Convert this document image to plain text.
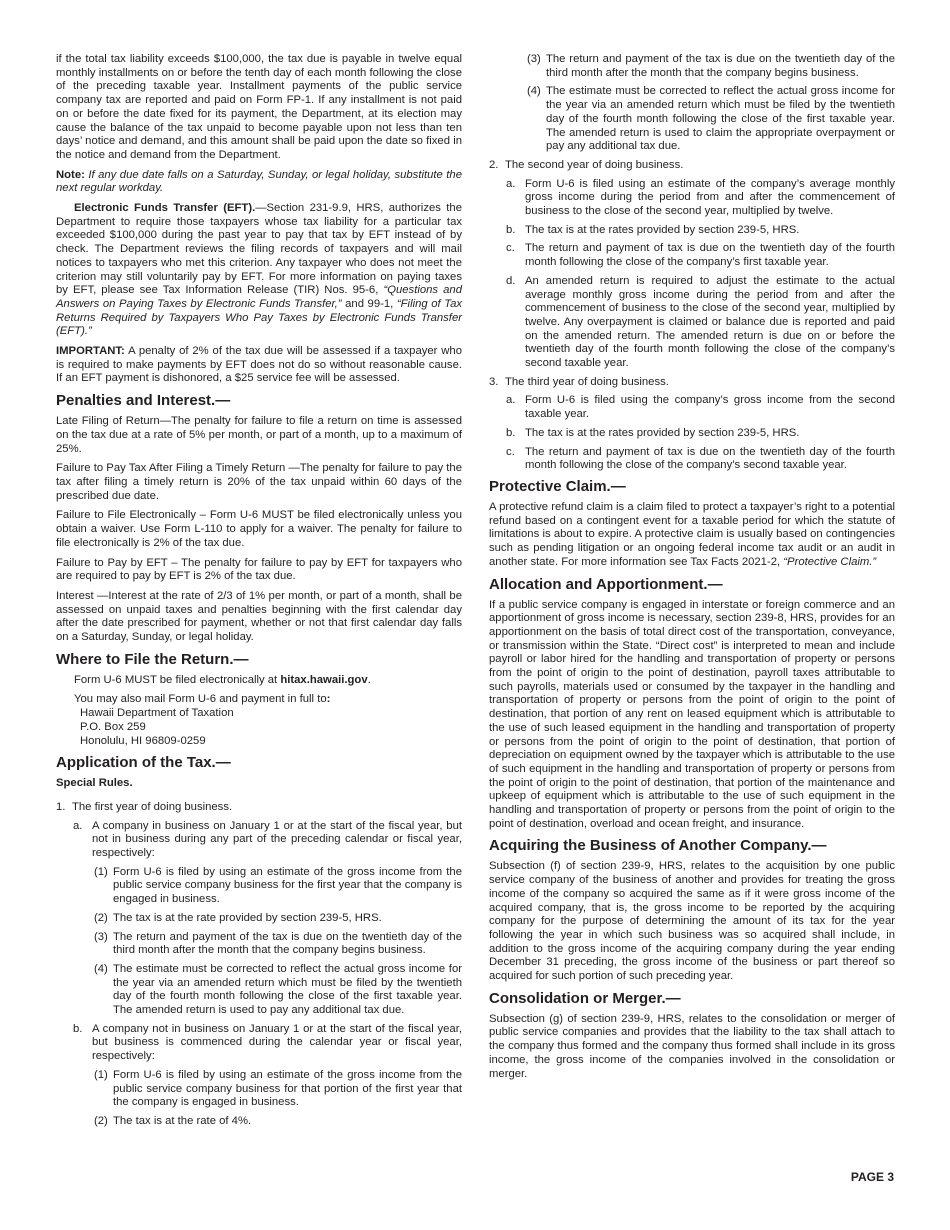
if the total tax liability exceeds $100,000, the tax due is payable in twelve equal monthly installments on or before the tenth day of each month following the close of the preceding taxable year. Installment payments of the public service company tax are reported and paid on Form FP-1. If any installment is not paid on or before the date fixed for its payment, the Department, at its election may cause the balance of the tax unpaid to become payable upon not less than ten days’ notice and demand, and this amount shall be paid upon the date so fixed in the notice and demand from the Department.

Note: If any due date falls on a Saturday, Sunday, or legal holiday, substitute the next regular workday.

Electronic Funds Transfer (EFT).—Section 231-9.9, HRS, authorizes the Department to require those taxpayers whose tax liability for a particular tax exceeded $100,000 during the past year to pay that tax by EFT instead of by check. The Department reviews the filing records of taxpayers and will mail notices to taxpayers who met this criterion. Any taxpayer who does not meet the criterion may still voluntarily pay by EFT. For more information on paying taxes by EFT, please see Tax Information Release (TIR) Nos. 95-6, “Questions and Answers on Paying Taxes by Electronic Funds Transfer,” and 99-1, “Filing of Tax Returns Required by Taxpayers Who Pay Taxes by Electronic Funds Transfer (EFT).”

IMPORTANT: A penalty of 2% of the tax due will be assessed if a taxpayer who is required to make payments by EFT does not do so without reasonable cause. If an EFT payment is dishonored, a $25 service fee will be assessed.

Penalties and Interest.—

Late Filing of Return—The penalty for failure to file a return on time is assessed on the tax due at a rate of 5% per month, or part of a month, up to a maximum of 25%.

Failure to Pay Tax After Filing a Timely Return —The penalty for failure to pay the tax after filing a timely return is 20% of the tax unpaid within 60 days of the prescribed due date.

Failure to File Electronically – Form U-6 MUST be filed electronically unless you obtain a waiver. Use Form L-110 to apply for a waiver. The penalty for failure to file electronically is 2% of the tax due.

Failure to Pay by EFT – The penalty for failure to pay by EFT for taxpayers who are required to pay by EFT is 2% of the tax due.

Interest —Interest at the rate of 2/3 of 1% per month, or part of a month, shall be assessed on unpaid taxes and penalties beginning with the first calendar day after the date prescribed for payment, whether or not that first calendar day falls on a Saturday, Sunday, or legal holiday.

Where to File the Return.—

Form U-6 MUST be filed electronically at hitax.hawaii.gov.

You may also mail Form U-6 and payment in full to:

Hawaii Department of Taxation
P.O. Box 259
Honolulu, HI 96809-0259
Application of the Tax.—

Special Rules.

1. The first year of doing business.
a. A company in business on January 1 or at the start of the fiscal year, but not in business during any part of the preceding calendar or fiscal year, respectively:
(1) Form U-6 is filed by using an estimate of the gross income from the public service company business for the first year that the company is engaged in business.
(2) The tax is at the rate provided by section 239-5, HRS.
(3) The return and payment of the tax is due on the twentieth day of the third month after the month that the company begins business.
(4) The estimate must be corrected to reflect the actual gross income for the year via an amended return which must be filed by the twentieth day of the fourth month following the close of the first taxable year. The amended return is used to pay any additional tax due.
b. A company not in business on January 1 or at the start of the fiscal year, but business is commenced during the calendar year or fiscal year, respectively:
(1) Form U-6 is filed by using an estimate of the gross income from the public service company business for that portion of the first year that the company is engaged in business.
(2) The tax is at the rate of 4%.
(3) The return and payment of the tax is due on the twentieth day of the third month after the month that the company begins business.
(4) The estimate must be corrected to reflect the actual gross income for the year via an amended return which must be filed by the twentieth day of the fourth month following the close of the first taxable year. The amended return is used to claim the appropriate overpayment or pay any additional tax due.
2. The second year of doing business.
a. Form U-6 is filed using an estimate of the company’s average monthly gross income during the period from and after the commencement of business to the close of the second year, multiplied by twelve.
b. The tax is at the rates provided by section 239-5, HRS.
c. The return and payment of tax is due on the twentieth day of the fourth month following the close of the company’s first taxable year.
d. An amended return is required to adjust the estimate to the actual average monthly gross income during the period from and after the commencement of business to the close of the second year, multiplied by twelve. Any overpayment is claimed or balance due is reported and paid on the amended return. The amended return is due on or before the twentieth day of the fourth month following the close of the company’s second taxable year.
3. The third year of doing business.
a. Form U-6 is filed using the company’s gross income from the second taxable year.
b. The tax is at the rates provided by section 239-5, HRS.
c. The return and payment of tax is due on the twentieth day of the fourth month following the close of the company’s second taxable year.
Protective Claim.—

A protective refund claim is a claim filed to protect a taxpayer’s right to a potential refund based on a contingent event for a taxable period for which the statute of limitations is about to expire. A protective claim is usually based on contingencies such as pending litigation or an ongoing federal income tax audit or an audit in another state. For more information see Tax Facts 2021-2, “Protective Claim.”

Allocation and Apportionment.—

If a public service company is engaged in interstate or foreign commerce and an apportionment of gross income is necessary, section 239-8, HRS, provides for an apportionment on the basis of total direct cost of the transportation, conveyance, or transmission within the State. “Direct cost” is interpreted to mean and include payroll or labor hired for the handling and transportation of property or persons from the point of origin to the point of destination, payroll taxes attributable to such payrolls, materials used or consumed by the taxpayer in the handling and transportation of property or persons from the point of origin to the point of destination, that portion of any rent on leased equipment which is attributable to the use of such leased equipment in the handling and transportation of property or persons from the point of origin to the point of destination, that portion of depreciation on equipment owned by the taxpayer which is attributable to the use of such equipment in the handling and transportation of property or persons from the point of origin to the point of destination, that portion of the maintenance and upkeep of equipment which is attributable to the use of such equipment in the handling and transportation of property or persons from the point of origin to the point of destination, overload and ocean freight, and insurance.

Acquiring the Business of Another Company.—

Subsection (f) of section 239-9, HRS, relates to the acquisition by one public service company of the business of another and provides for treating the gross income of the company so acquired the same as if it were gross income of the acquired company, that is, the gross income to be reported by the acquiring company for the purpose of determining the amount of its tax for the year following the year in which such business was so acquired shall include, in addition to the gross income of the acquiring company during the year ending December 31 preceding, the gross income of the business or part thereof so acquired for such portion of such preceding year.

Consolidation or Merger.—

Subsection (g) of section 239-9, HRS, relates to the consolidation or merger of public service companies and provides that the liability to the tax shall attach to the company thus formed and the company thus formed shall include in its gross income, the gross income of the companies involved in the consolidation or merger.

PAGE 3
